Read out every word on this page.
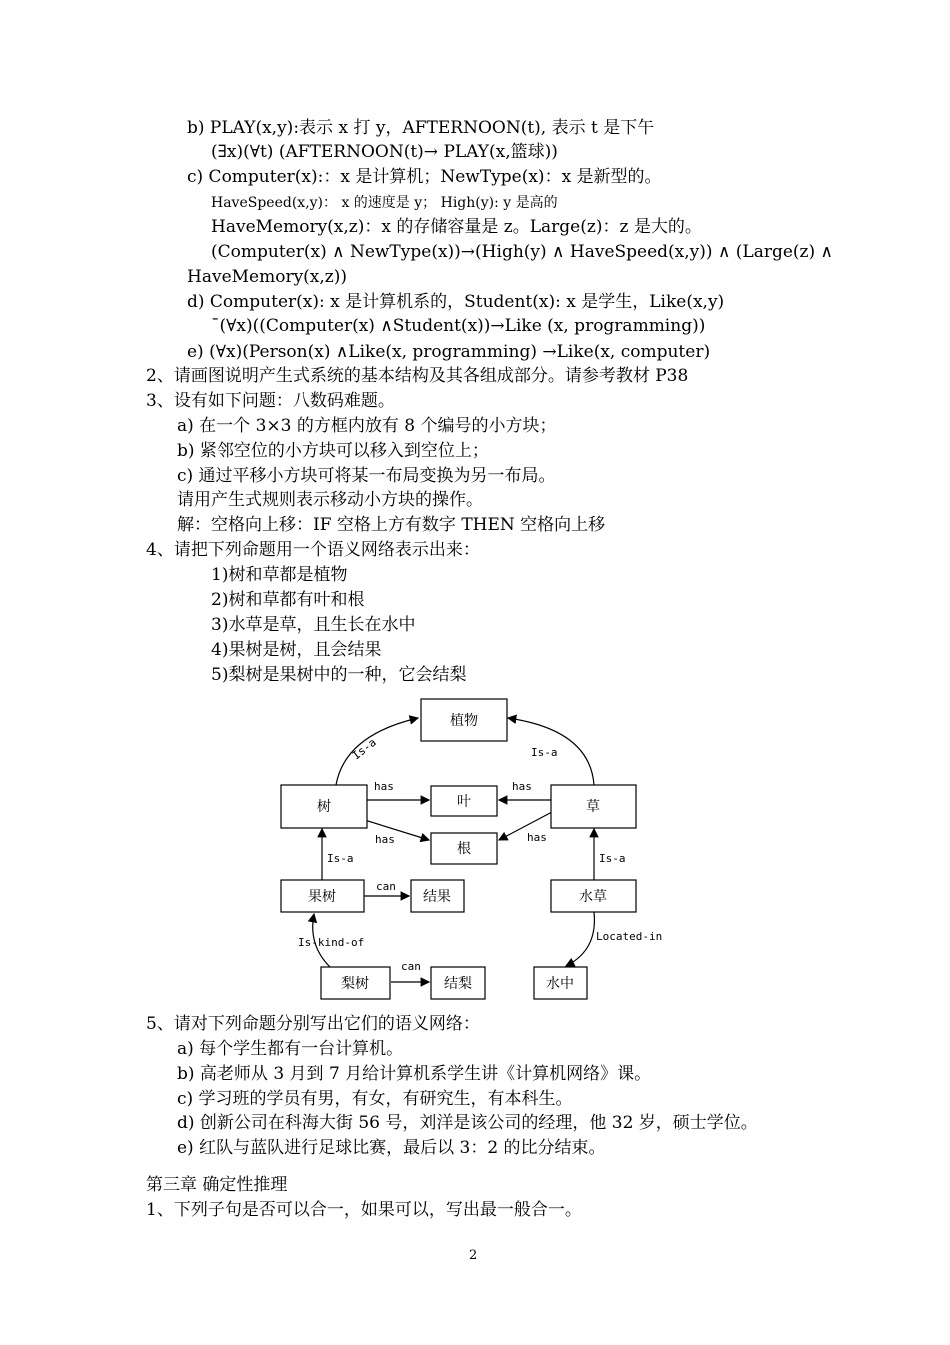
b) PLAY(x,y):表示 x 打 y，AFTERNOON(t), 表示 t 是下午
(∃x)(∀t) (AFTERNOON(t)→ PLAY(x,篮球))
c) Computer(x):：x 是计算机；NewType(x)：x 是新型的。
HaveSpeed(x,y)： x 的速度是 y； High(y): y 是高的
HaveMemory(x,z)：x 的存储容量是 z。Large(z)：z 是大的。
(Computer(x) ∧ NewType(x))→(High(y) ∧ HaveSpeed(x,y)) ∧ (Large(z) ∧
HaveMemory(x,z))
d) Computer(x): x 是计算机系的，Student(x): x 是学生，Like(x,y)
¯(∀x)((Computer(x) ∧Student(x))→Like (x, programming))
e) (∀x)(Person(x) ∧Like(x, programming) →Like(x, computer)
2、请画图说明产生式系统的基本结构及其各组成部分。请参考教材 P38
3、设有如下问题：八数码难题。
a) 在一个 3×3 的方框内放有 8 个编号的小方块；
b) 紧邻空位的小方块可以移入到空位上；
c) 通过平移小方块可将某一布局变换为另一布局。
请用产生式规则表示移动小方块的操作。
解：空格向上移：IF 空格上方有数字 THEN 空格向上移
4、请把下列命题用一个语义网络表示出来：
1)树和草都是植物
2)树和草都有叶和根
3)水草是草，且生长在水中
4)果树是树，且会结果
5)梨树是果树中的一种，它会结梨
植物
树	叶	草
根
果树	结果	水草
梨树	结梨	水中
Is-a	Is-a
has	has
has	has
Is-a	Is-a
can
can
Is-kind-of	Located-in
5、请对下列命题分别写出它们的语义网络：
a) 每个学生都有一台计算机。
b) 高老师从 3 月到 7 月给计算机系学生讲《计算机网络》课。
c) 学习班的学员有男，有女，有研究生，有本科生。
d) 创新公司在科海大街 56 号，刘洋是该公司的经理，他 32 岁，硕士学位。
e) 红队与蓝队进行足球比赛，最后以 3：2 的比分结束。
第三章 确定性推理
1、下列子句是否可以合一，如果可以，写出最一般合一。
2
